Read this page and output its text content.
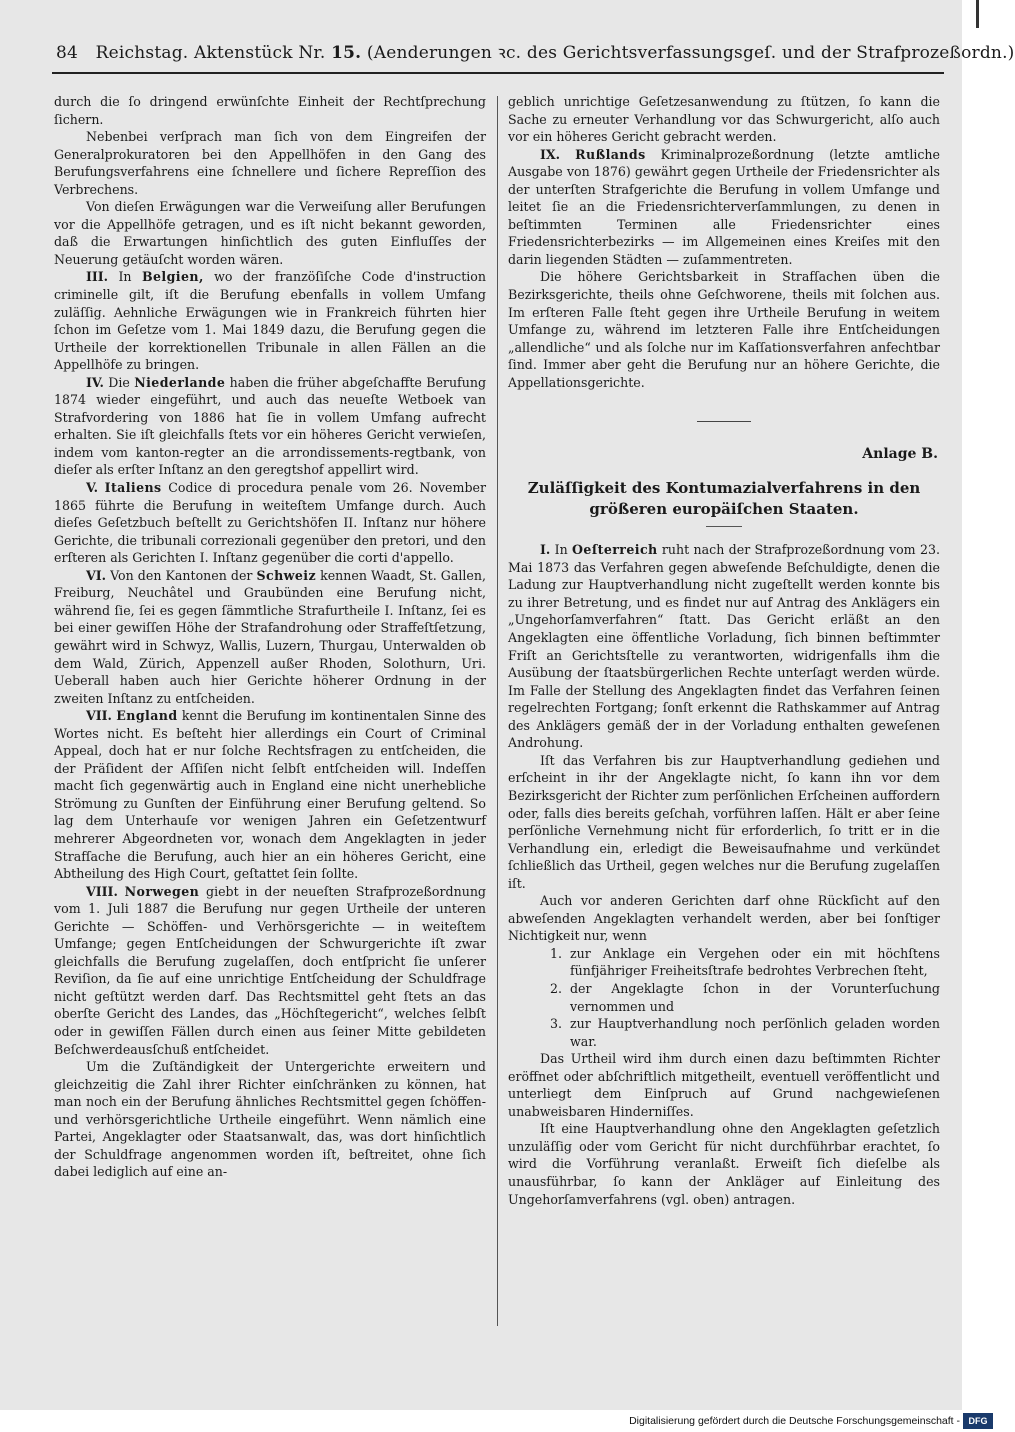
84 Reichstag. Aktenstück Nr. 15. (Aenderungen ꝛc. des Gerichtsverfassungsgeſ. und der Strafprozeßordn.)

durch die ſo dringend erwünſchte Einheit der Rechtſprechung ſichern.

Nebenbei verſprach man ſich von dem Eingreifen der Generalprokuratoren bei den Appellhöfen in den Gang des Berufungsverfahrens eine ſchnellere und ſichere Repreſſion des Verbrechens.

Von dieſen Erwägungen war die Verweiſung aller Berufungen vor die Appellhöfe getragen, und es iſt nicht bekannt geworden, daß die Erwartungen hinſichtlich des guten Einfluſſes der Neuerung getäuſcht worden wären.

III. In Belgien, wo der franzöſiſche Code d'instruction criminelle gilt, iſt die Berufung ebenfalls in vollem Umfang zuläſſig. Aehnliche Erwägungen wie in Frankreich führten hier ſchon im Geſetze vom 1. Mai 1849 dazu, die Berufung gegen die Urtheile der korrektionellen Tribunale in allen Fällen an die Appellhöfe zu bringen.

IV. Die Niederlande haben die früher abgeſchaffte Berufung 1874 wieder eingeführt, und auch das neueſte Wetboek van Strafvordering von 1886 hat ſie in vollem Umfang aufrecht erhalten. Sie iſt gleichfalls ſtets vor ein höheres Gericht verwieſen, indem vom kanton-regter an die arrondissements-regtbank, von dieſer als erſter Inſtanz an den geregtshof appellirt wird.

V. Italiens Codice di procedura penale vom 26. November 1865 führte die Berufung in weiteſtem Umfange durch. Auch dieſes Geſetzbuch beſtellt zu Gerichtshöfen II. Inſtanz nur höhere Gerichte, die tribunali correzionali gegenüber den pretori, und den erſteren als Gerichten I. Inſtanz gegenüber die corti d'appello.

VI. Von den Kantonen der Schweiz kennen Waadt, St. Gallen, Freiburg, Neuchâtel und Graubünden eine Berufung nicht, während ſie, ſei es gegen ſämmtliche Strafurtheile I. Inſtanz, ſei es bei einer gewiſſen Höhe der Strafandrohung oder Straffeſtſetzung, gewährt wird in Schwyz, Wallis, Luzern, Thurgau, Unterwalden ob dem Wald, Zürich, Appenzell außer Rhoden, Solothurn, Uri. Ueberall haben auch hier Gerichte höherer Ordnung in der zweiten Inſtanz zu entſcheiden.

VII. England kennt die Berufung im kontinentalen Sinne des Wortes nicht. Es beſteht hier allerdings ein Court of Criminal Appeal, doch hat er nur ſolche Rechtsfragen zu entſcheiden, die der Präſident der Aſſiſen nicht ſelbſt entſcheiden will. Indeſſen macht ſich gegenwärtig auch in England eine nicht unerhebliche Strömung zu Gunſten der Einführung einer Berufung geltend. So lag dem Unterhauſe vor wenigen Jahren ein Geſetzentwurf mehrerer Abgeordneten vor, wonach dem Angeklagten in jeder Strafſache die Berufung, auch hier an ein höheres Gericht, eine Abtheilung des High Court, geſtattet ſein ſollte.

VIII. Norwegen giebt in der neueſten Strafprozeßordnung vom 1. Juli 1887 die Berufung nur gegen Urtheile der unteren Gerichte — Schöffen- und Verhörsgerichte — in weiteſtem Umfange; gegen Entſcheidungen der Schwurgerichte iſt zwar gleichfalls die Berufung zugelaſſen, doch entſpricht ſie unſerer Reviſion, da ſie auf eine unrichtige Entſcheidung der Schuldfrage nicht geſtützt werden darf. Das Rechtsmittel geht ſtets an das oberſte Gericht des Landes, das „Höchſtegericht“, welches ſelbſt oder in gewiſſen Fällen durch einen aus ſeiner Mitte gebildeten Beſchwerdeausſchuß entſcheidet.

Um die Zuſtändigkeit der Untergerichte erweitern und gleichzeitig die Zahl ihrer Richter einſchränken zu können, hat man noch ein der Berufung ähnliches Rechtsmittel gegen ſchöffen- und verhörsgerichtliche Urtheile eingeführt. Wenn nämlich eine Partei, Angeklagter oder Staatsanwalt, das, was dort hinſichtlich der Schuldfrage angenommen worden iſt, beſtreitet, ohne ſich dabei lediglich auf eine an-

geblich unrichtige Geſetzesanwendung zu ſtützen, ſo kann die Sache zu erneuter Verhandlung vor das Schwurgericht, alſo auch vor ein höheres Gericht gebracht werden.

IX. Rußlands Kriminalprozeßordnung (letzte amtliche Ausgabe von 1876) gewährt gegen Urtheile der Friedensrichter als der unterſten Strafgerichte die Berufung in vollem Umfange und leitet ſie an die Friedensrichterverſammlungen, zu denen in beſtimmten Terminen alle Friedensrichter eines Friedensrichterbezirks — im Allgemeinen eines Kreiſes mit den darin liegenden Städten — zuſammentreten.

Die höhere Gerichtsbarkeit in Strafſachen üben die Bezirksgerichte, theils ohne Geſchworene, theils mit ſolchen aus. Im erſteren Falle ſteht gegen ihre Urtheile Berufung in weitem Umfange zu, während im letzteren Falle ihre Entſcheidungen „allendliche“ und als ſolche nur im Kaſſationsverfahren anfechtbar ſind. Immer aber geht die Berufung nur an höhere Gerichte, die Appellationsgerichte.

Anlage B.
Zuläſſigkeit des Kontumazialverfahrens in den größeren europäiſchen Staaten.

I. In Oeſterreich ruht nach der Strafprozeßordnung vom 23. Mai 1873 das Verfahren gegen abweſende Beſchuldigte, denen die Ladung zur Hauptverhandlung nicht zugeſtellt werden konnte bis zu ihrer Betretung, und es findet nur auf Antrag des Anklägers ein „Ungehorſamverfahren“ ſtatt. Das Gericht erläßt an den Angeklagten eine öffentliche Vorladung, ſich binnen beſtimmter Friſt an Gerichtsſtelle zu verantworten, widrigenfalls ihm die Ausübung der ſtaatsbürgerlichen Rechte unterſagt werden würde. Im Falle der Stellung des Angeklagten findet das Verfahren ſeinen regelrechten Fortgang; ſonſt erkennt die Rathskammer auf Antrag des Anklägers gemäß der in der Vorladung enthalten geweſenen Androhung.

Iſt das Verfahren bis zur Hauptverhandlung gediehen und erſcheint in ihr der Angeklagte nicht, ſo kann ihn vor dem Bezirksgericht der Richter zum perſönlichen Erſcheinen auffordern oder, falls dies bereits geſchah, vorführen laſſen. Hält er aber ſeine perſönliche Vernehmung nicht für erforderlich, ſo tritt er in die Verhandlung ein, erledigt die Beweisaufnahme und verkündet ſchließlich das Urtheil, gegen welches nur die Berufung zugelaſſen iſt.

Auch vor anderen Gerichten darf ohne Rückſicht auf den abweſenden Angeklagten verhandelt werden, aber bei ſonſtiger Nichtigkeit nur, wenn

1. zur Anklage ein Vergehen oder ein mit höchſtens fünfjähriger Freiheitsſtrafe bedrohtes Verbrechen ſteht,
2. der Angeklagte ſchon in der Vorunterſuchung vernommen und
3. zur Hauptverhandlung noch perſönlich geladen worden war.

Das Urtheil wird ihm durch einen dazu beſtimmten Richter eröffnet oder abſchriftlich mitgetheilt, eventuell veröffentlicht und unterliegt dem Einſpruch auf Grund nachgewieſenen unabweisbaren Hinderniſſes.

Iſt eine Hauptverhandlung ohne den Angeklagten geſetzlich unzuläſſig oder vom Gericht für nicht durchführbar erachtet, ſo wird die Vorführung veranlaßt. Erweiſt ſich dieſelbe als unausführbar, ſo kann der Ankläger auf Einleitung des Ungehorſamverfahrens (vgl. oben) antragen.

Digitalisierung gefördert durch die Deutsche Forschungsgemeinschaft - DFG
